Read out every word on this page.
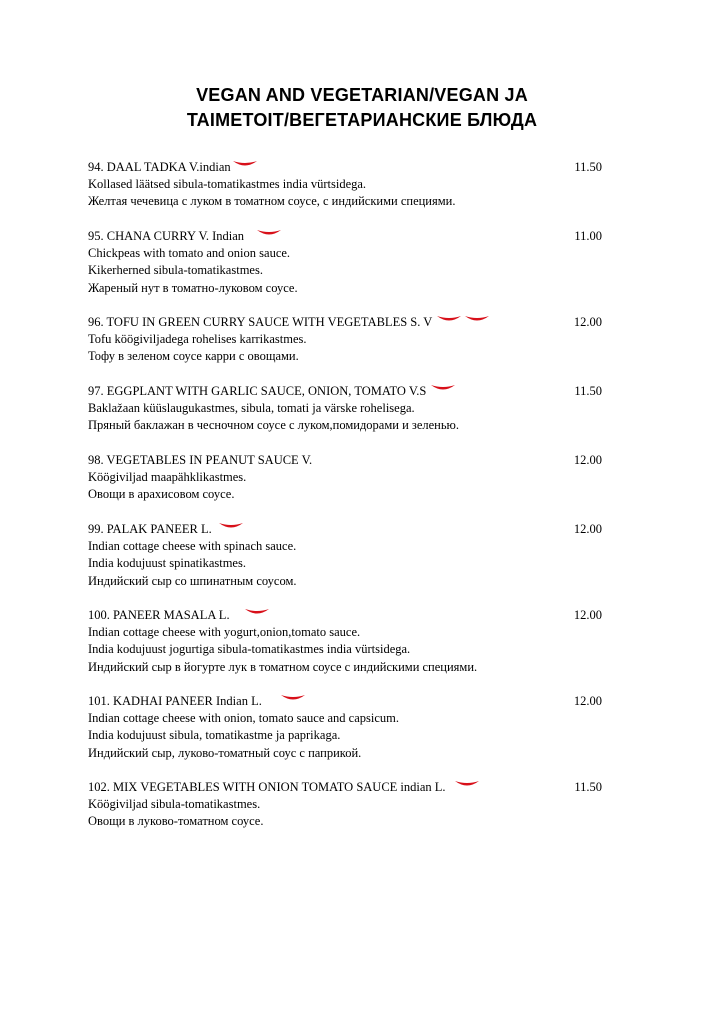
VEGAN AND VEGETARIAN/VEGAN JA
TAIMETOIT/ВЕГЕТАРИАНСКИЕ БЛЮДА
94. DAAL TADKA V.indian	11.50
Kollased läätsed sibula-tomatikastmes india vürtsidega.
Желтая чечевица с луком в томатном соусе, с индийскими специями.
95. CHANA CURRY V. Indian	11.00
Chickpeas with tomato and onion sauce.
Kikerherned sibula-tomatikastmes.
Жареный нут в томатно-луковом соусе.
96. TOFU IN GREEN CURRY SAUCE WITH VEGETABLES S. V	12.00
Tofu köögiviljadega rohelises karrikastmes.
Тофу в зеленом соусе карри с овощами.
97. EGGPLANT WITH GARLIC SAUCE, ONION, TOMATO V.S	11.50
Baklažaan küüslaugukastmes, sibula, tomati ja värske rohelisega.
Пряный баклажан в чесночном соусе с луком,помидорами и зеленью.
98. VEGETABLES IN PEANUT SAUCE V.	12.00
Köögiviljad maapähklikastmes.
Овощи в арахисовом соусе.
99. PALAK PANEER L.	12.00
Indian cottage cheese with spinach sauce.
India kodujuust spinatikastmes.
Индийский сыр со шпинатным соусом.
100. PANEER MASALA L.	12.00
Indian cottage cheese with yogurt,onion,tomato sauce.
India kodujuust jogurtiga sibula-tomatikastmes india vürtsidega.
Индийский сыр в йогурте лук в томатном соусе с индийскими специями.
101. KADHAI PANEER Indian L.	12.00
Indian cottage cheese with onion, tomato sauce and capsicum.
India kodujuust sibula, tomatikastme ja paprikaga.
Индийский сыр, луково-томатный соус с паприкой.
102. MIX VEGETABLES WITH ONION TOMATO SAUCE indian L.	11.50
Köögiviljad sibula-tomatikastmes.
Овощи в луково-томатном соусе.
